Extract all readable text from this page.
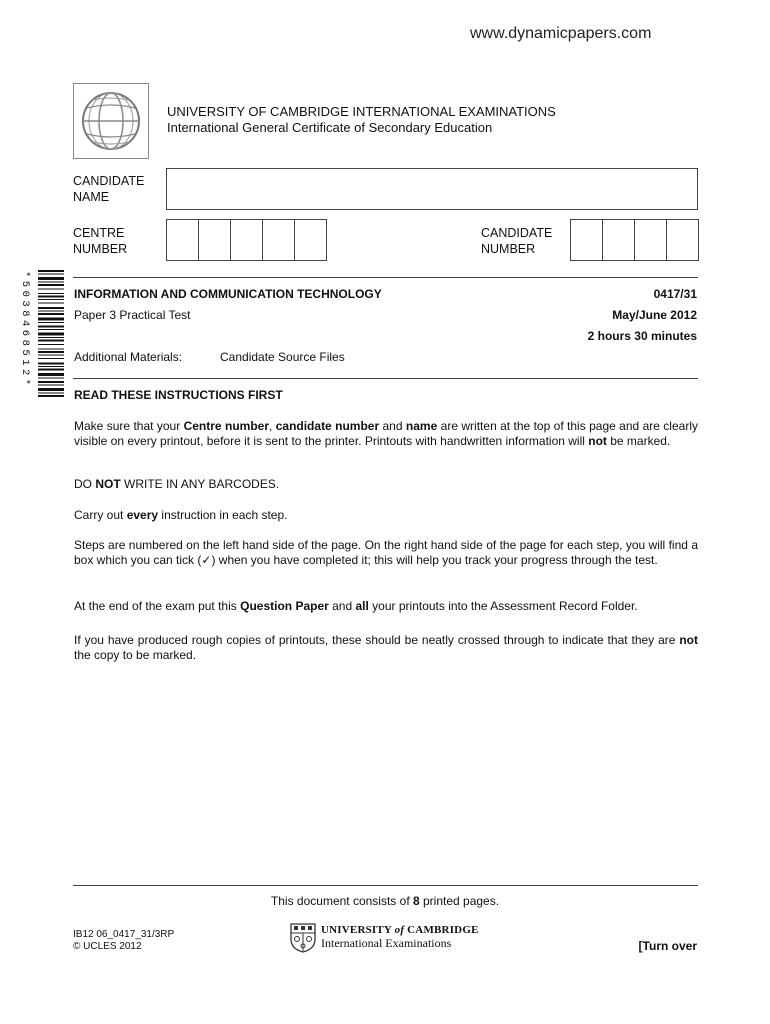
www.dynamicpapers.com
UNIVERSITY OF CAMBRIDGE INTERNATIONAL EXAMINATIONS
International General Certificate of Secondary Education
CANDIDATE
NAME
CENTRE
NUMBER
CANDIDATE
NUMBER
*5038468512*	INFORMATION AND COMMUNICATION TECHNOLOGY	0417/31
Paper 3 Practical Test	May/June 2012
2 hours 30 minutes
Additional Materials:	Candidate Source Files
READ THESE INSTRUCTIONS FIRST
Make sure that your Centre number, candidate number and name are written at the top of this page and are clearly visible on every printout, before it is sent to the printer. Printouts with handwritten information will not be marked.
DO NOT WRITE IN ANY BARCODES.
Carry out every instruction in each step.
Steps are numbered on the left hand side of the page. On the right hand side of the page for each step, you will find a box which you can tick (✓) when you have completed it; this will help you track your progress through the test.
At the end of the exam put this Question Paper and all your printouts into the Assessment Record Folder.
If you have produced rough copies of printouts, these should be neatly crossed through to indicate that they are not the copy to be marked.
This document consists of 8 printed pages.
IB12 06_0417_31/3RP
© UCLES 2012
UNIVERSITY of CAMBRIDGE
International Examinations	[Turn over
